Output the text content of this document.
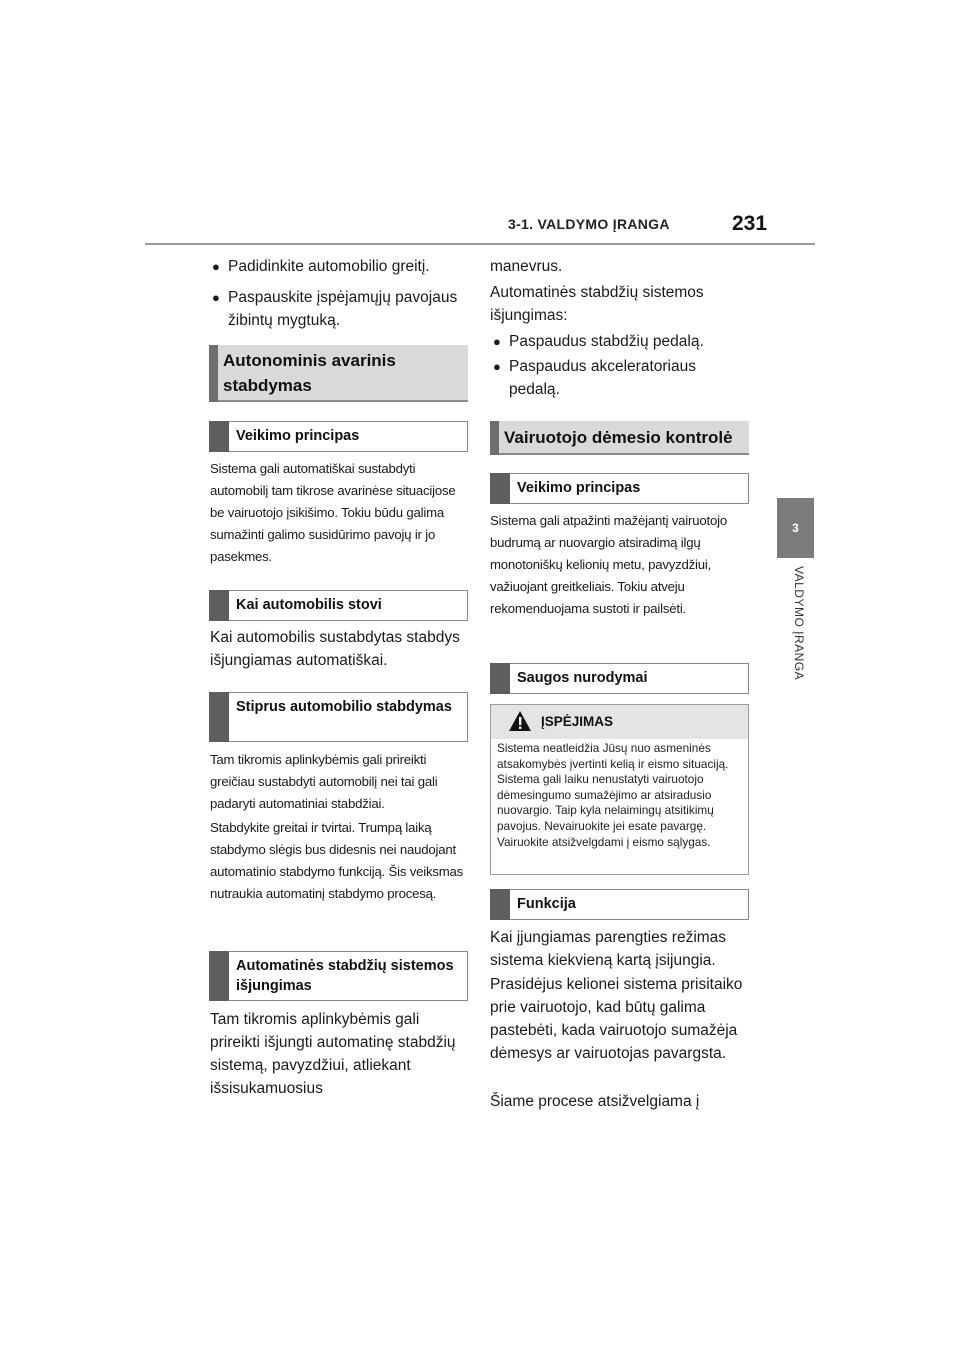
3-1. VALDYMO ĮRANGA	231
3
VALDYMO ĮRANGA
● Padidinkite automobilio greitį.
● Paspauskite įspėjamųjų pavojaus žibintų mygtuką.
Autonominis avarinis stabdymas
Veikimo principas
Sistema gali automatiškai sustabdyti automobilį tam tikrose avarinėse situacijose be vairuotojo įsikišimo. Tokiu būdu galima sumažinti galimo susidūrimo pavojų ir jo pasekmes.
Kai automobilis stovi
Kai automobilis sustabdytas stabdys išjungiamas automatiškai.
Stiprus automobilio stabdymas
Tam tikromis aplinkybėmis gali prireikti greičiau sustabdyti automobilį nei tai gali padaryti automatiniai stabdžiai.
Stabdykite greitai ir tvirtai. Trumpą laiką stabdymo slėgis bus didesnis nei naudojant automatinio stabdymo funkciją. Šis veiksmas nutraukia automatinį stabdymo procesą.
Automatinės stabdžių sistemos išjungimas
Tam tikromis aplinkybėmis gali prireikti išjungti automatinę stabdžių sistemą, pavyzdžiui, atliekant išsisukamuosius
manevrus.
Automatinės stabdžių sistemos išjungimas:
● Paspaudus stabdžių pedalą.
● Paspaudus akceleratoriaus pedalą.
Vairuotojo dėmesio kontrolė
Veikimo principas
Sistema gali atpažinti mažėjantį vairuotojo budrumą ar nuovargio atsiradimą ilgų monotoniškų kelionių metu, pavyzdžiui, važiuojant greitkeliais. Tokiu atveju rekomenduojama sustoti ir pailsėti.
Saugos nurodymai
ĮSPĖJIMAS
Sistema neatleidžia Jūsų nuo asmeninės atsakomybės įvertinti kelią ir eismo situaciją. Sistema gali laiku nenustatyti vairuotojo dėmesingumo sumažėjimo ar atsiradusio nuovargio. Taip kyla nelaimingų atsitikimų pavojus. Nevairuokite jei esate pavargę. Vairuokite atsižvelgdami į eismo sąlygas.
Funkcija
Kai įjungiamas parengties režimas sistema kiekvieną kartą įsijungia.
Prasidėjus kelionei sistema prisitaiko prie vairuotojo, kad būtų galima pastebėti, kada vairuotojo sumažėja dėmesys ar vairuotojas pavargsta.
Šiame procese atsižvelgiama į
